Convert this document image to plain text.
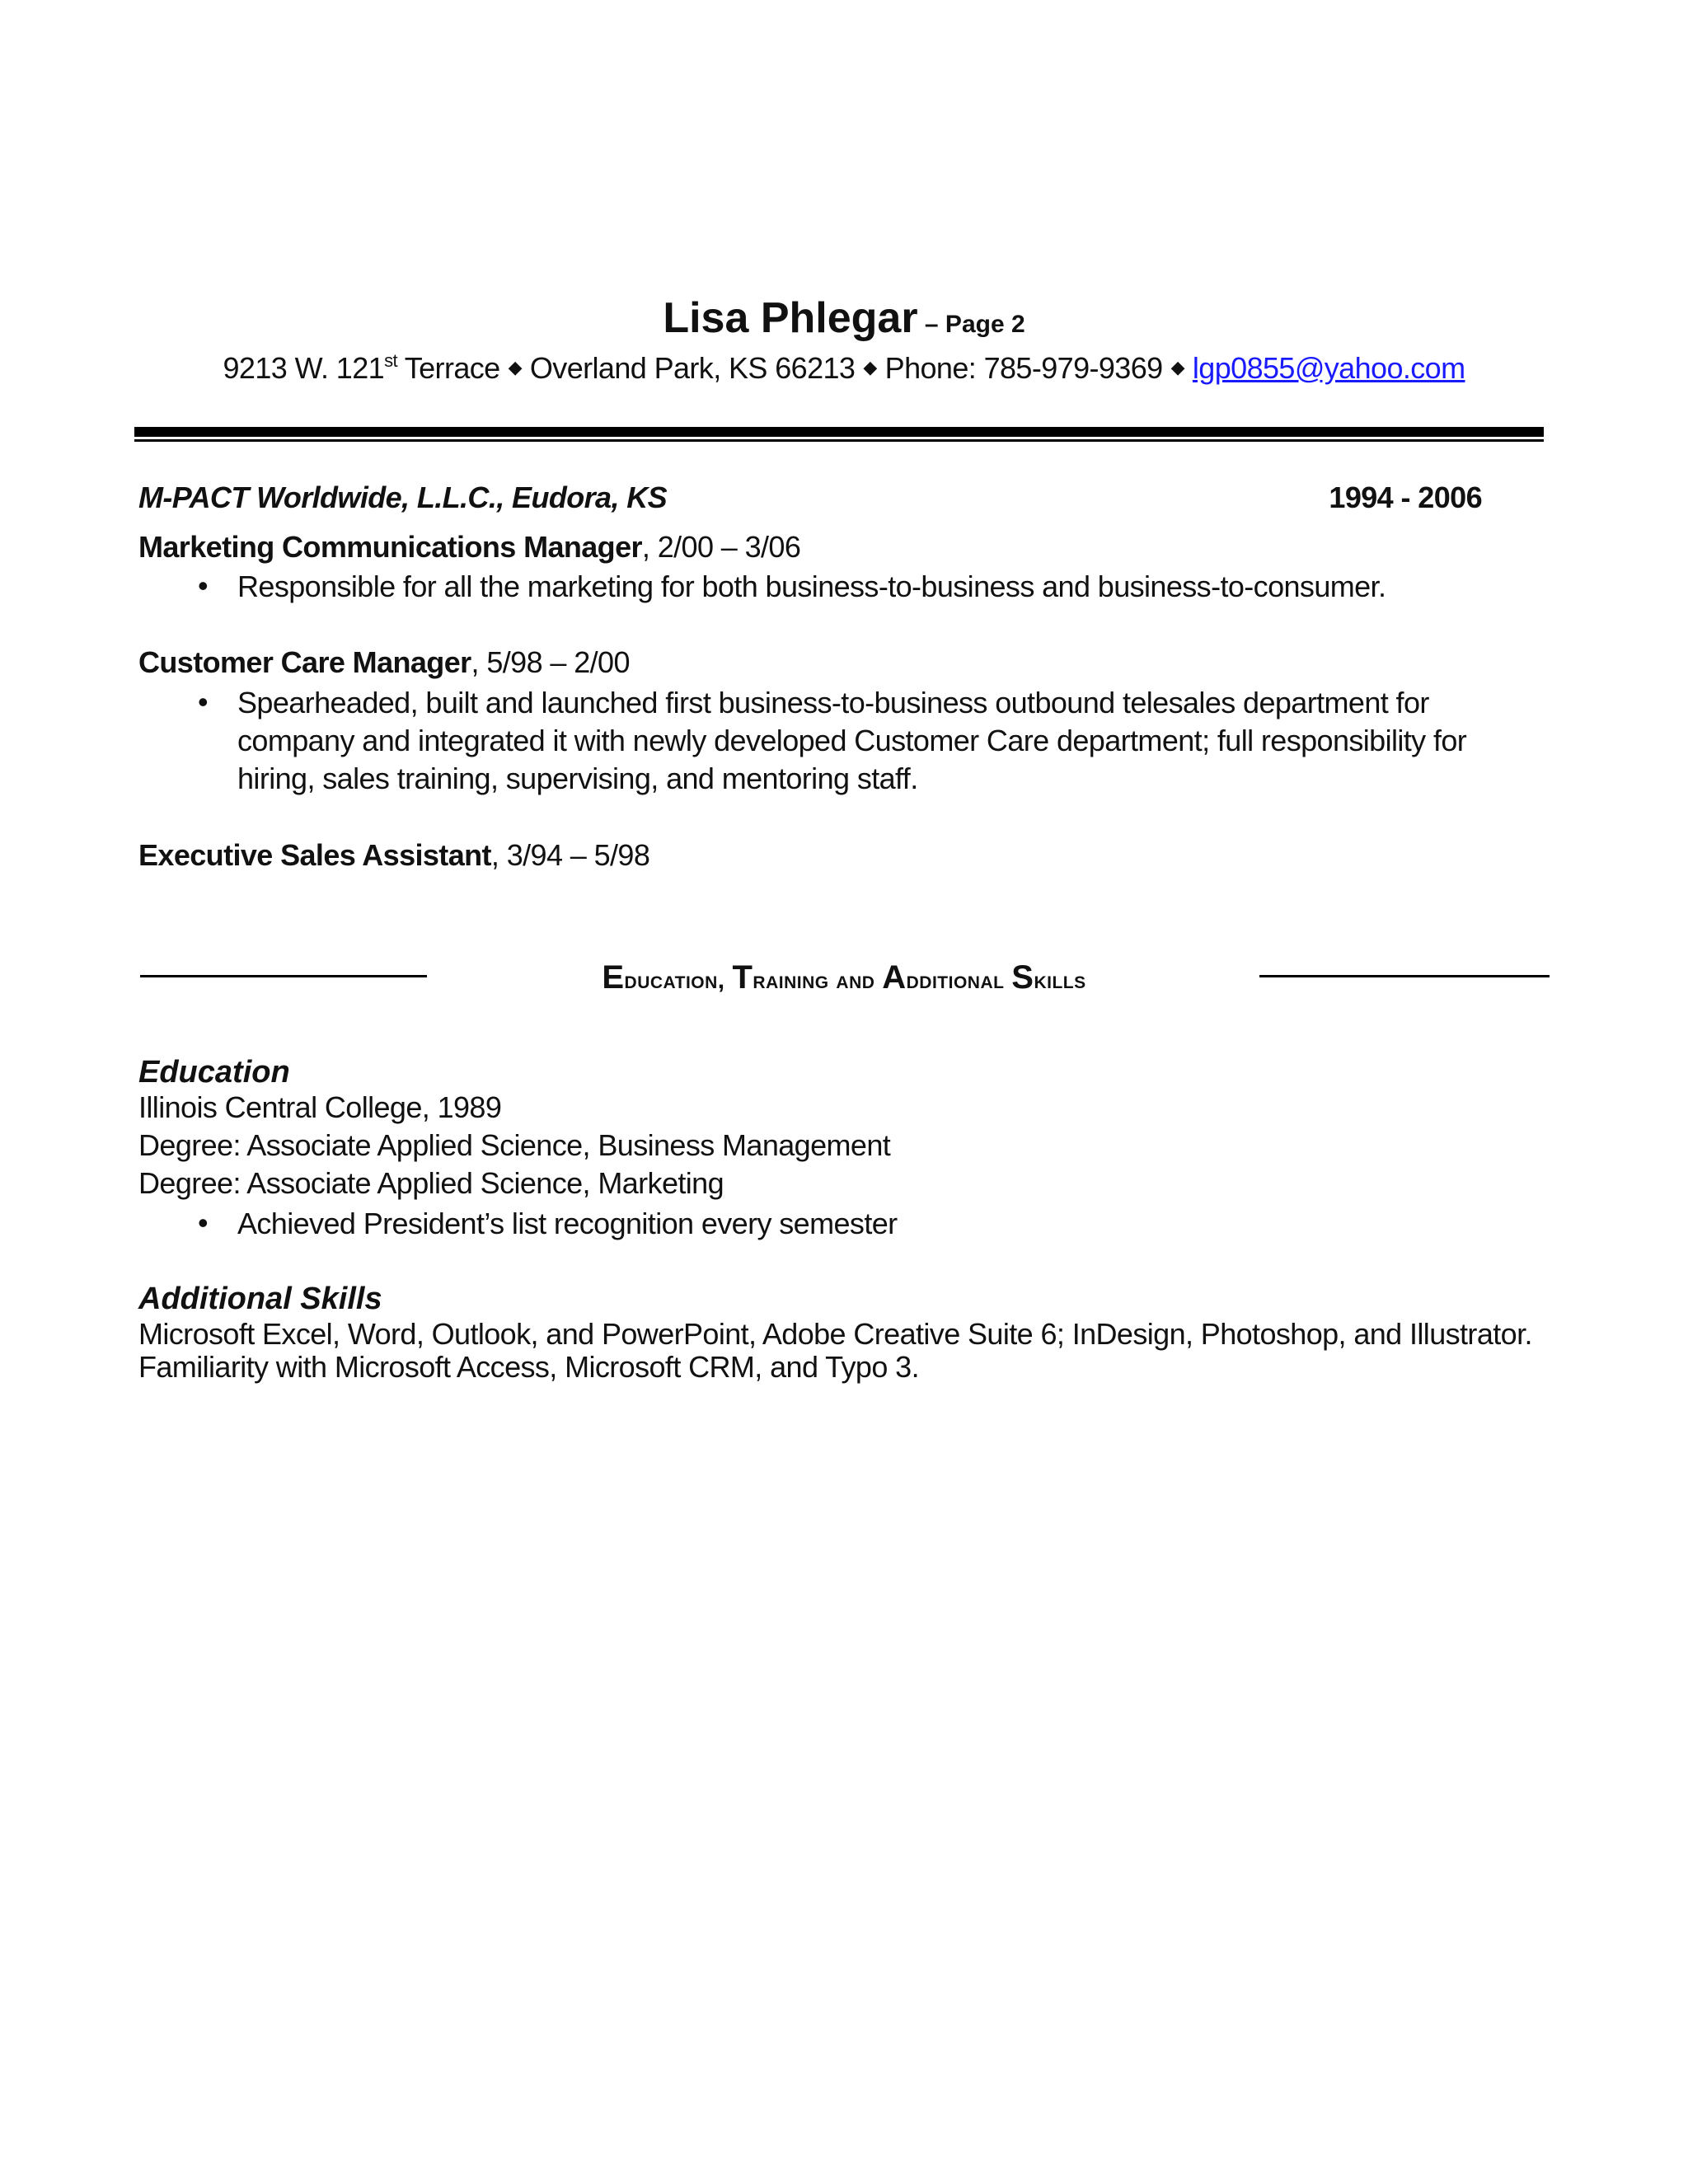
Lisa Phlegar – Page 2
9213 W. 121st Terrace ◆ Overland Park, KS 66213 ◆ Phone: 785-979-9369 ◆ lgp0855@yahoo.com
M-PACT Worldwide, L.L.C., Eudora, KS	1994 - 2006
Marketing Communications Manager, 2/00 – 3/06
• Responsible for all the marketing for both business-to-business and business-to-consumer.
Customer Care Manager, 5/98 – 2/00
• Spearheaded, built and launched first business-to-business outbound telesales department for company and integrated it with newly developed Customer Care department; full responsibility for hiring, sales training, supervising, and mentoring staff.
Executive Sales Assistant, 3/94 – 5/98
Education, Training and Additional Skills
Education
Illinois Central College, 1989
Degree: Associate Applied Science, Business Management
Degree: Associate Applied Science, Marketing
• Achieved President’s list recognition every semester
Additional Skills
Microsoft Excel, Word, Outlook, and PowerPoint, Adobe Creative Suite 6; InDesign, Photoshop, and Illustrator.
Familiarity with Microsoft Access, Microsoft CRM, and Typo 3.
